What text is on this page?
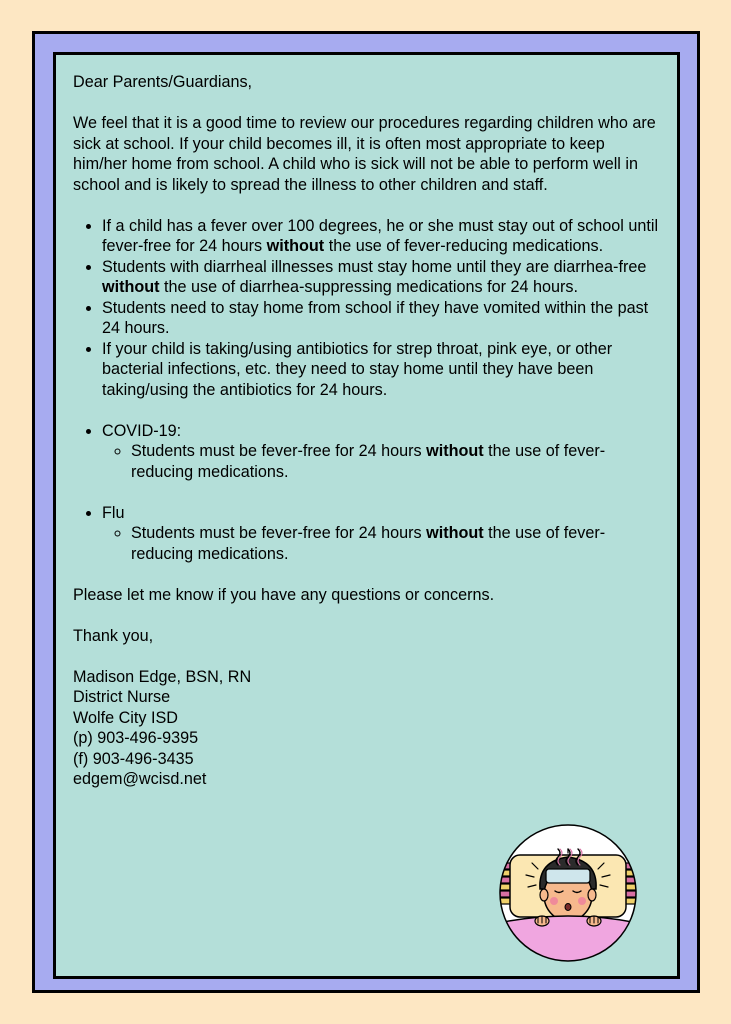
Dear Parents/Guardians,

We feel that it is a good time to review our procedures regarding children who are sick at school. If your child becomes ill, it is often most appropriate to keep him/her home from school. A child who is sick will not be able to perform well in school and is likely to spread the illness to other children and staff.

• If a child has a fever over 100 degrees, he or she must stay out of school until fever-free for 24 hours without the use of fever-reducing medications.
• Students with diarrheal illnesses must stay home until they are diarrhea-free without the use of diarrhea-suppressing medications for 24 hours.
• Students need to stay home from school if they have vomited within the past 24 hours.
• If your child is taking/using antibiotics for strep throat, pink eye, or other bacterial infections, etc. they need to stay home until they have been taking/using the antibiotics for 24 hours.
• COVID-19:
◦ Students must be fever-free for 24 hours without the use of fever-reducing medications.
• Flu
◦ Students must be fever-free for 24 hours without the use of fever-reducing medications.

Please let me know if you have any questions or concerns.

Thank you,

Madison Edge, BSN, RN

District Nurse

Wolfe City ISD

(p) 903-496-9395

(f) 903-496-3435

edgem@wcisd.net
